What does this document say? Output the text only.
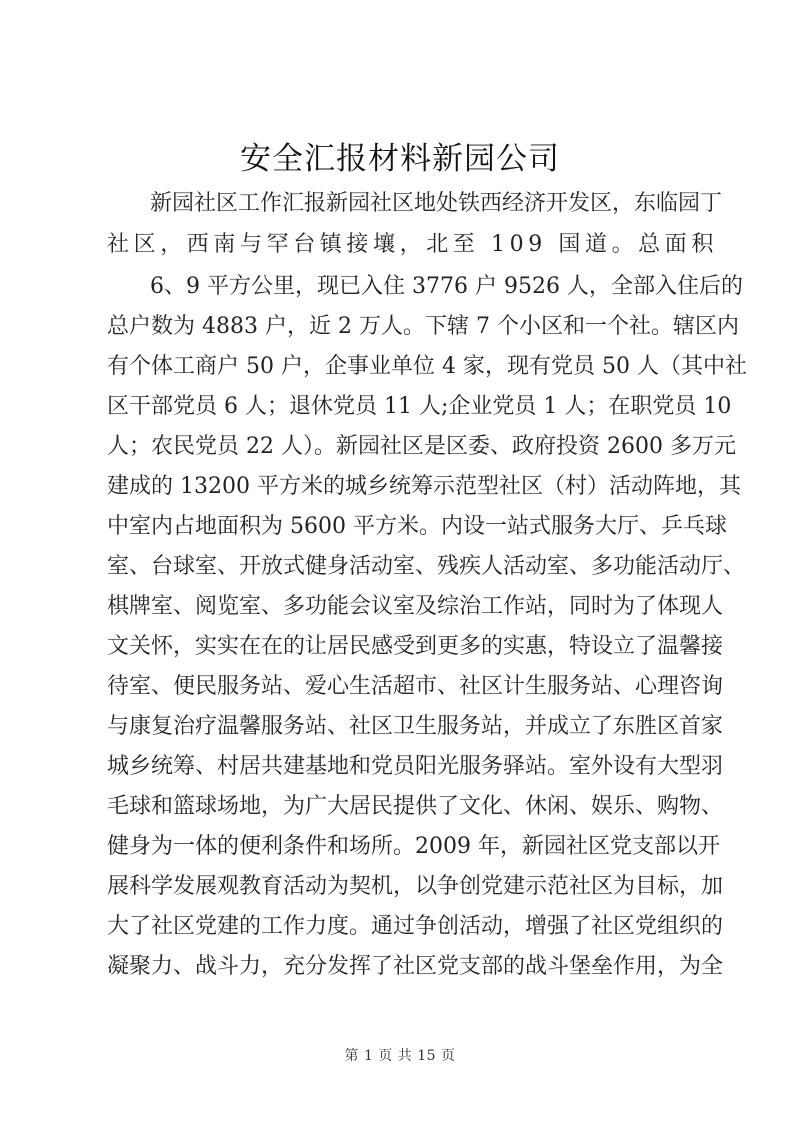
安全汇报材料新园公司
新园社区工作汇报新园社区地处铁西经济开发区，东临园丁
社区，西南与罕台镇接壤，北至 109 国道。总面积
6、9 平方公里，现已入住 3776 户 9526 人，全部入住后的
总户数为 4883 户，近 2 万人。下辖 7 个小区和一个社。辖区内
有个体工商户 50 户，企事业单位 4 家，现有党员 50 人（其中社
区干部党员 6 人；退休党员 11 人;企业党员 1 人；在职党员 10
人；农民党员 22 人）。新园社区是区委、政府投资 2600 多万元
建成的 13200 平方米的城乡统筹示范型社区（村）活动阵地，其
中室内占地面积为 5600 平方米。内设一站式服务大厅、乒乓球
室、台球室、开放式健身活动室、残疾人活动室、多功能活动厅、
棋牌室、阅览室、多功能会议室及综治工作站，同时为了体现人
文关怀，实实在在的让居民感受到更多的实惠，特设立了温馨接
待室、便民服务站、爱心生活超市、社区计生服务站、心理咨询
与康复治疗温馨服务站、社区卫生服务站，并成立了东胜区首家
城乡统筹、村居共建基地和党员阳光服务驿站。室外设有大型羽
毛球和篮球场地，为广大居民提供了文化、休闲、娱乐、购物、
健身为一体的便利条件和场所。2009 年，新园社区党支部以开
展科学发展观教育活动为契机，以争创党建示范社区为目标，加
大了社区党建的工作力度。通过争创活动，增强了社区党组织的
凝聚力、战斗力，充分发挥了社区党支部的战斗堡垒作用，为全
第 1 页 共 15 页
